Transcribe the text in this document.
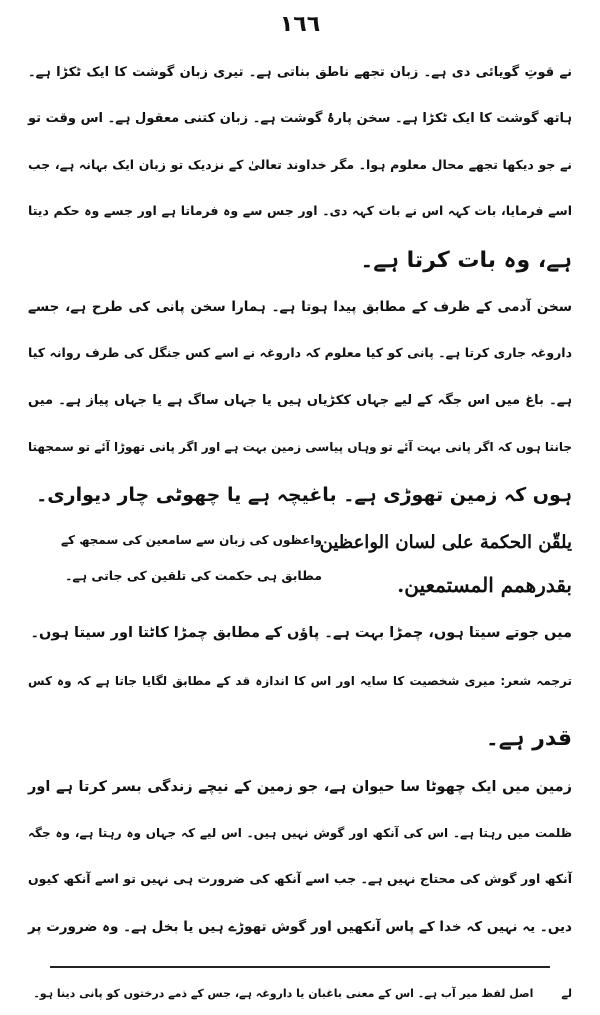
١٦٦
نے قوتِ گویائی دی ہے۔ زبان تجھے ناطق بناتی ہے۔ تیری زبان گوشت کا ایک ٹکڑا ہے۔
ہاتھ گوشت کا ایک ٹکڑا ہے۔ سخن پارۂ گوشت ہے۔ زبان کتنی معقول ہے۔ اس وقت تو
نے جو دیکھا تجھے محال معلوم ہوا۔ مگر خداوند تعالیٰ کے نزدیک تو زبان ایک بہانہ ہے، جب
اسے فرمایا، بات کہہ اس نے بات کہہ دی۔ اور جس سے وہ فرماتا ہے اور جسے وہ حکم دیتا
ہے، وہ بات کرتا ہے۔
سخن آدمی کے ظرف کے مطابق پیدا ہوتا ہے۔ ہمارا سخن پانی کی طرح ہے، جسے
داروغہ جاری کرتا ہے۔ پانی کو کیا معلوم کہ داروغہ نے اسے کس جنگل کی طرف روانہ کیا
ہے۔ باغ میں اس جگہ کے لیے جہاں ککڑیاں ہیں یا جہاں ساگ ہے یا جہاں پیاز ہے۔ میں
جانتا ہوں کہ اگر پانی بہت آئے تو وہاں پیاسی زمین بہت ہے اور اگر پانی تھوڑا آئے تو سمجھتا
ہوں کہ زمین تھوڑی ہے۔ باغیچہ ہے یا چھوٹی چار دیواری۔
يلقّن الحكمة على لسان الواعظين
بقدرهمم المستمعين.
واعظوں کی زبان سے سامعین کی سمجھ کے
مطابق ہی حکمت کی تلقین کی جاتی ہے۔
میں جوتے سیتا ہوں، چمڑا بہت ہے۔ پاؤں کے مطابق چمڑا کاٹتا اور سیتا ہوں۔
ترجمہ شعر: میری شخصیت کا سایہ اور اس کا اندازہ قد کے مطابق لگایا جاتا ہے کہ وہ کس
قدر ہے۔
زمین میں ایک چھوٹا سا حیوان ہے، جو زمین کے نیچے زندگی بسر کرتا ہے اور
ظلمت میں رہتا ہے۔ اس کی آنکھ اور گوش نہیں ہیں۔ اس لیے کہ جہاں وہ رہتا ہے، وہ جگہ
آنکھ اور گوش کی محتاج نہیں ہے۔ جب اسے آنکھ کی ضرورت ہی نہیں تو اسے آنکھ کیوں
دیں۔ یہ نہیں کہ خدا کے پاس آنکھیں اور گوش تھوڑے ہیں یا بخل ہے۔ وہ ضرورت پر
لےاصل لفظ میر آب ہے۔ اس کے معنی باغبان یا داروغہ ہے، جس کے ذمے درختوں کو پانی دینا ہو۔
